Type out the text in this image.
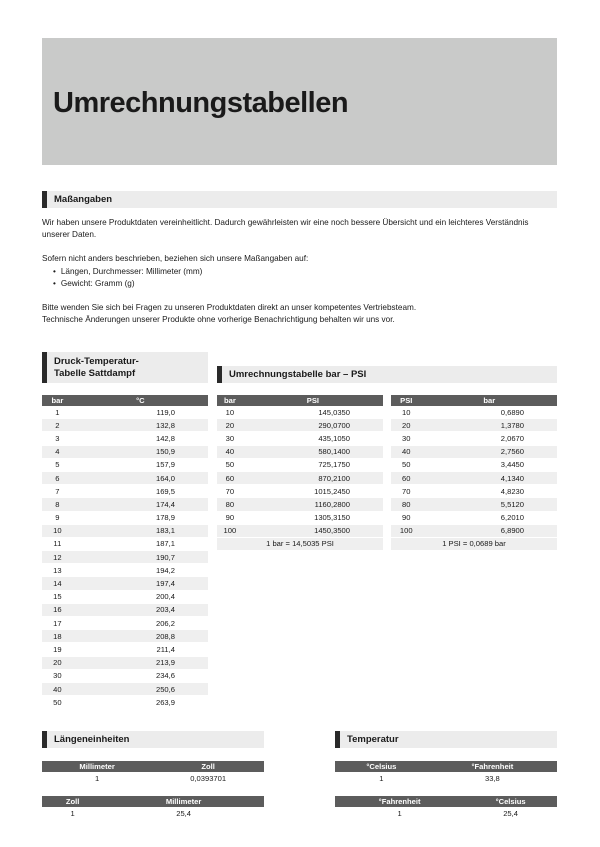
Umrechnungstabellen
Maßangaben

Wir haben unsere Produktdaten vereinheitlicht. Dadurch gewährleisten wir eine noch bessere Übersicht und ein leichteres Verständnis unserer Daten.

Sofern nicht anders beschrieben, beziehen sich unsere Maßangaben auf:

• Längen, Durchmesser: Millimeter (mm)
• Gewicht: Gramm (g)

Bitte wenden Sie sich bei Fragen zu unseren Produktdaten direkt an unser kompetentes Vertriebsteam.

Technische Änderungen unserer Produkte ohne vorherige Benachrichtigung behalten wir uns vor.

Druck-Temperatur-
Tabelle Sattdampf
bar	°C
1	119,0
2	132,8
3	142,8
4	150,9
5	157,9
6	164,0
7	169,5
8	174,4
9	178,9
10	183,1
11	187,1
12	190,7
13	194,2
14	197,4
15	200,4
16	203,4
17	206,2
18	208,8
19	211,4
20	213,9
30	234,6
40	250,6
50	263,9
Umrechnungstabelle bar – PSI
bar	PSI
10	145,0350
20	290,0700
30	435,1050
40	580,1400
50	725,1750
60	870,2100
70	1015,2450
80	1160,2800
90	1305,3150
100	1450,3500
1 bar = 14,5035 PSI	
PSI	bar
10	0,6890
20	1,3780
30	2,0670
40	2,7560
50	3,4450
60	4,1340
70	4,8230
80	5,5120
90	6,2010
100	6,8900
1 PSI = 0,0689 bar	
Längeneinheiten
Millimeter	Zoll
1	0,0393701
Zoll	Millimeter
1	25,4
Temperatur
°Celsius	°Fahrenheit
1	33,8
°Fahrenheit	°Celsius
1	25,4
